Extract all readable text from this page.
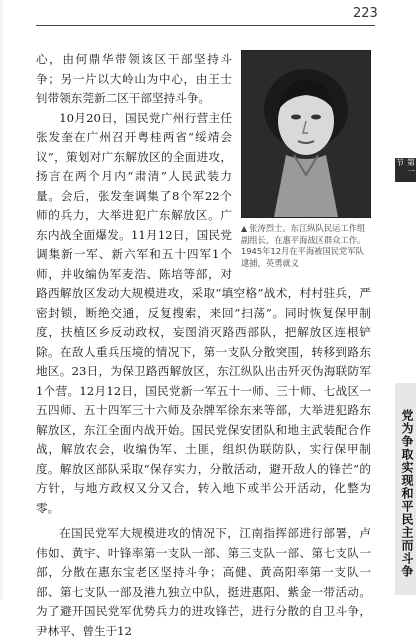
223
▲ 张涛烈士。东江纵队民运工作组副组长，在惠平海战区群众工作。1945年12月在平海被国民党军队逮捕，英勇就义

心，由何鼎华带领该区干部坚持斗争；另一片以大岭山为中心，由王士钊带领东莞新二区干部坚持斗争。

10月20日，国民党广州行营主任张发奎在广州召开粤桂两省“绥靖会议”，策划对广东解放区的全面进攻，扬言在两个月内“肃清”人民武装力量。会后，张发奎调集了8个军22个师的兵力，大举进犯广东解放区。广东内战全面爆发。11月12日，国民党调集新一军、新六军和五十四军1个师，并收编伪军麦浩、陈培等部，对路西解放区发动大规模进攻，采取“填空格”战术，村村驻兵，严密封锁，断绝交通，反复搜索，来回“扫荡”。同时恢复保甲制度，扶植区乡反动政权，妄图消灭路西部队，把解放区连根铲除。在敌人重兵压境的情况下，第一支队分散突围，转移到路东地区。23日，为保卫路西解放区，东江纵队出击歼灭伪海联防军1个营。12月12日，国民党新一军五十一师、三十师、七战区一五四师、五十四军三十六师及杂牌军徐东来等部，大举进犯路东解放区，东江全面内战开始。国民党保安团队和地主武装配合作战，解放农会，收编伪军、土匪，组织伪联防队，实行保甲制度。解放区部队采取“保存实力，分散活动，避开敌人的锋芒”的方针，与地方政权又分又合，转入地下或半公开活动，化整为零。

在国民党军大规模进攻的情况下，江南指挥部进行部署，卢伟如、黄宇、叶锋率第一支队一部、第三支队一部、第七支队一部，分散在惠东宝老区坚持斗争；高健、黄高阳率第一支队一部、第七支队一部及港九独立中队，挺进惠阳、紫金一带活动。为了避开国民党军优势兵力的进攻锋芒，进行分散的自卫斗争，尹林平、曾生于12

第一节
党为争取实现和平民主而斗争
